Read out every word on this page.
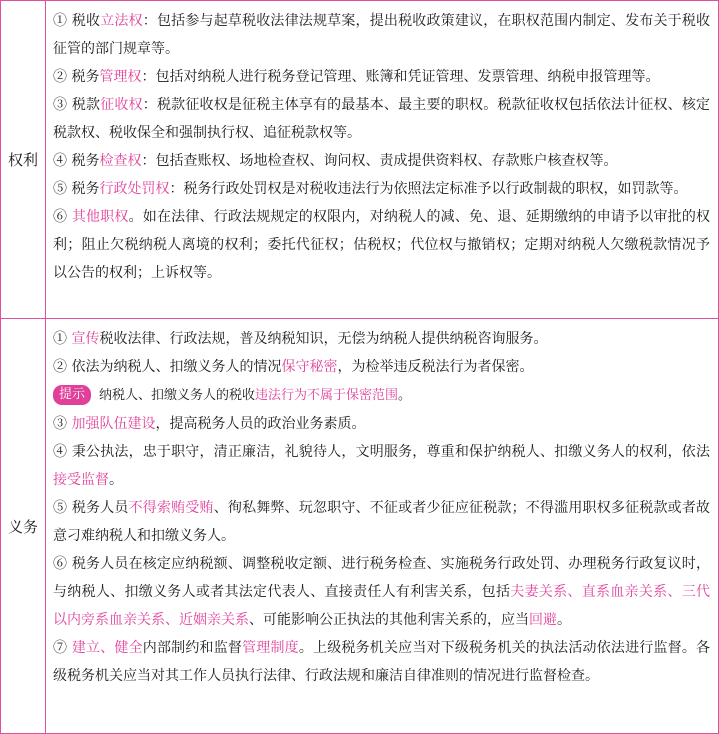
权利

① 税收立法权：包括参与起草税收法律法规草案，提出税收政策建议，在职权范围内制定、发布关于税收征管的部门规章等。

② 税务管理权：包括对纳税人进行税务登记管理、账簿和凭证管理、发票管理、纳税申报管理等。

③ 税款征收权：税款征收权是征税主体享有的最基本、最主要的职权。税款征收权包括依法计征权、核定税款权、税收保全和强制执行权、追征税款权等。

④ 税务检查权：包括查账权、场地检查权、询问权、责成提供资料权、存款账户核查权等。

⑤ 税务行政处罚权：税务行政处罚权是对税收违法行为依照法定标准予以行政制裁的职权，如罚款等。

⑥ 其他职权。如在法律、行政法规规定的权限内，对纳税人的减、免、退、延期缴纳的申请予以审批的权利；阻止欠税纳税人离境的权利；委托代征权；估税权；代位权与撤销权；定期对纳税人欠缴税款情况予以公告的权利；上诉权等。

义务

① 宣传税收法律、行政法规，普及纳税知识，无偿为纳税人提供纳税咨询服务。

② 依法为纳税人、扣缴义务人的情况保守秘密，为检举违反税法行为者保密。

提示 纳税人、扣缴义务人的税收违法行为不属于保密范围。

③ 加强队伍建设，提高税务人员的政治业务素质。

④ 秉公执法，忠于职守，清正廉洁，礼貌待人，文明服务，尊重和保护纳税人、扣缴义务人的权利，依法接受监督。

⑤ 税务人员不得索贿受贿、徇私舞弊、玩忽职守、不征或者少征应征税款；不得滥用职权多征税款或者故意刁难纳税人和扣缴义务人。

⑥ 税务人员在核定应纳税额、调整税收定额、进行税务检查、实施税务行政处罚、办理税务行政复议时，与纳税人、扣缴义务人或者其法定代表人、直接责任人有利害关系，包括夫妻关系、直系血亲关系、三代以内旁系血亲关系、近姻亲关系、可能影响公正执法的其他利害关系的，应当回避。

⑦ 建立、健全内部制约和监督管理制度。上级税务机关应当对下级税务机关的执法活动依法进行监督。各级税务机关应当对其工作人员执行法律、行政法规和廉洁自律准则的情况进行监督检查。
